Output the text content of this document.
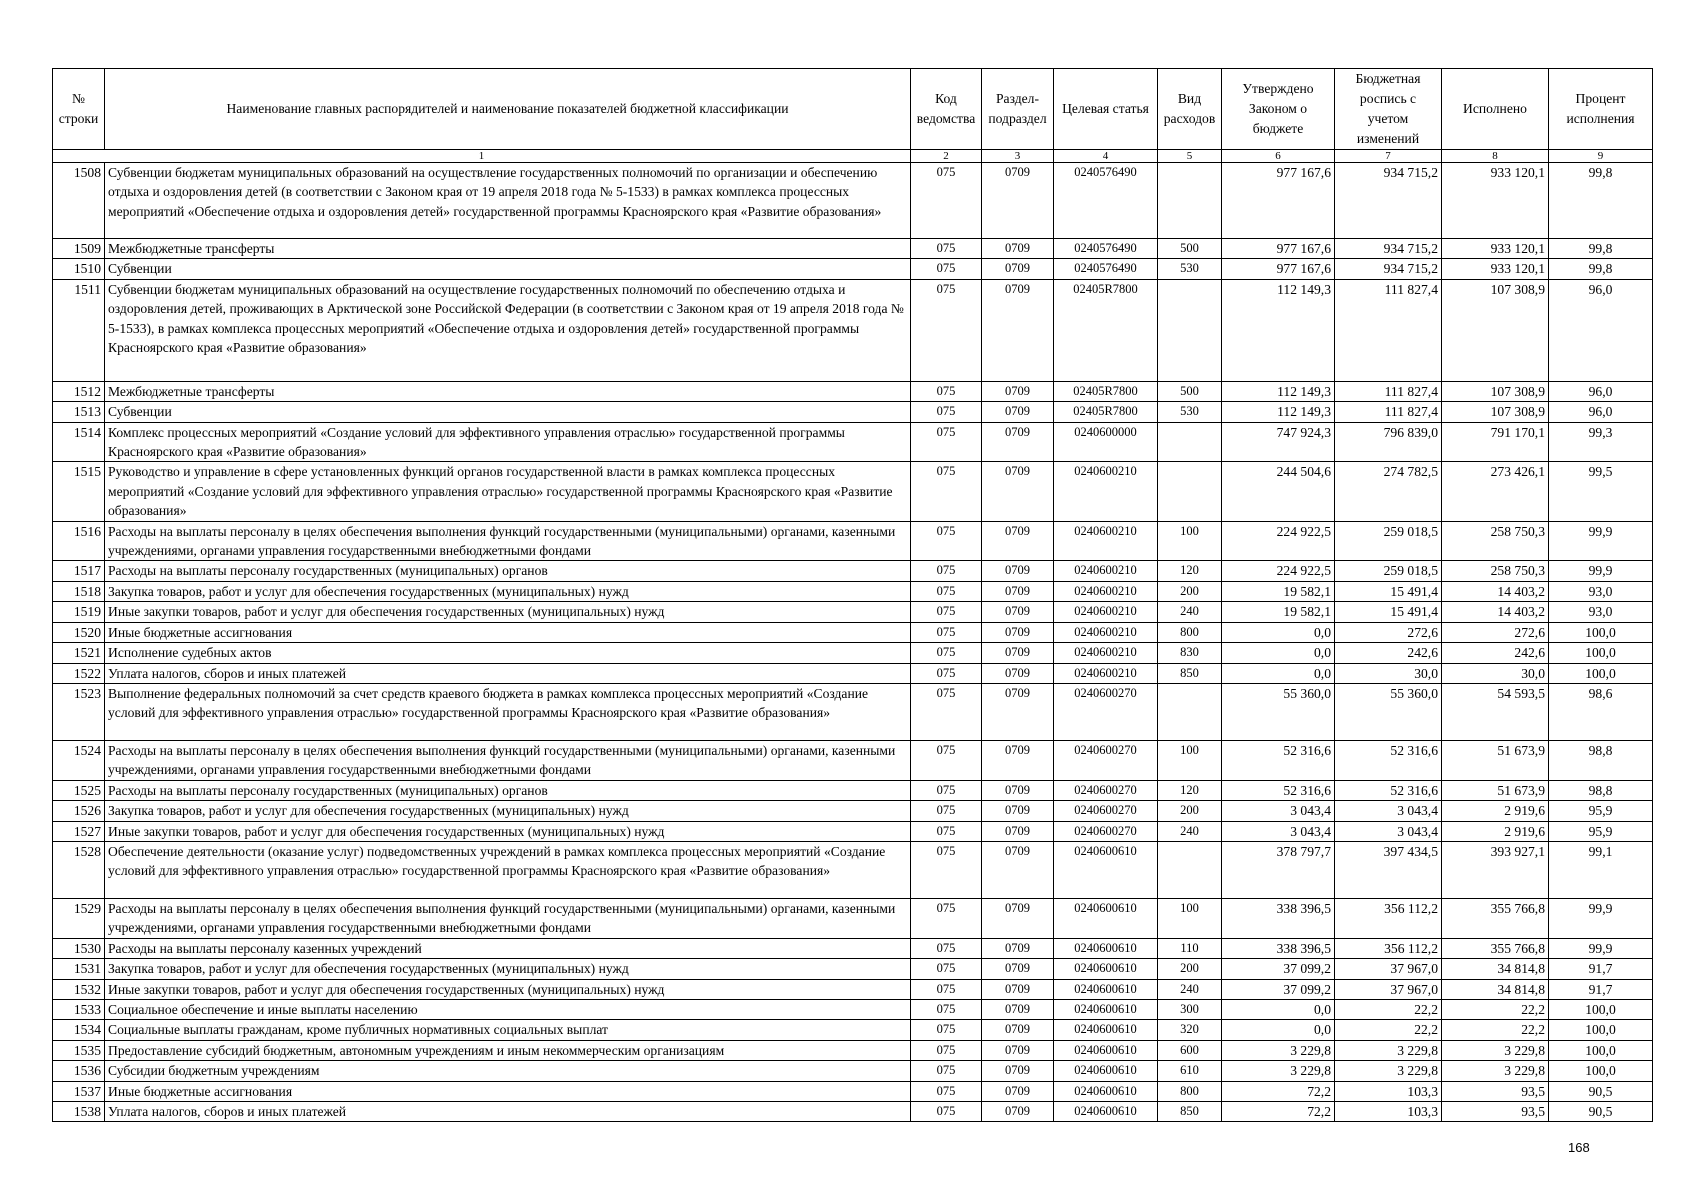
№ строки	Наименование главных распорядителей и наименование показателей бюджетной классификации	Код ведомства	Раздел-подраздел	Целевая статья	Вид расходов	Утверждено Законом о бюджете	Бюджетная роспись с учетом изменений	Исполнено	Процент исполнения
1		2	3	4	5	6	7	8	9
1508	Субвенции бюджетам муниципальных образований на осуществление государственных полномочий по организации и обеспечению отдыха и оздоровления детей (в соответствии с Законом края от 19 апреля 2018 года № 5-1533) в рамках комплекса процессных мероприятий «Обеспечение отдыха и оздоровления детей» государственной программы Красноярского края «Развитие образования»	075	0709	0240576490		977 167,6	934 715,2	933 120,1	99,8
1509	Межбюджетные трансферты	075	0709	0240576490	500	977 167,6	934 715,2	933 120,1	99,8
1510	Субвенции	075	0709	0240576490	530	977 167,6	934 715,2	933 120,1	99,8
1511	Субвенции бюджетам муниципальных образований на осуществление государственных полномочий по обеспечению отдыха и оздоровления детей, проживающих в Арктической зоне Российской Федерации (в соответствии с Законом края от 19 апреля 2018 года № 5-1533), в рамках комплекса процессных мероприятий «Обеспечение отдыха и оздоровления детей» государственной программы Красноярского края «Развитие образования»	075	0709	02405R7800		112 149,3	111 827,4	107 308,9	96,0
1512	Межбюджетные трансферты	075	0709	02405R7800	500	112 149,3	111 827,4	107 308,9	96,0
1513	Субвенции	075	0709	02405R7800	530	112 149,3	111 827,4	107 308,9	96,0
1514	Комплекс процессных мероприятий «Создание условий для эффективного управления отраслью» государственной программы Красноярского края «Развитие образования»	075	0709	0240600000		747 924,3	796 839,0	791 170,1	99,3
1515	Руководство и управление в сфере установленных функций органов государственной власти в рамках комплекса процессных мероприятий «Создание условий для эффективного управления отраслью» государственной программы Красноярского края «Развитие образования»	075	0709	0240600210		244 504,6	274 782,5	273 426,1	99,5
1516	Расходы на выплаты персоналу в целях обеспечения выполнения функций государственными (муниципальными) органами, казенными учреждениями, органами управления государственными внебюджетными фондами	075	0709	0240600210	100	224 922,5	259 018,5	258 750,3	99,9
1517	Расходы на выплаты персоналу государственных (муниципальных) органов	075	0709	0240600210	120	224 922,5	259 018,5	258 750,3	99,9
1518	Закупка товаров, работ и услуг для обеспечения государственных (муниципальных) нужд	075	0709	0240600210	200	19 582,1	15 491,4	14 403,2	93,0
1519	Иные закупки товаров, работ и услуг для обеспечения государственных (муниципальных) нужд	075	0709	0240600210	240	19 582,1	15 491,4	14 403,2	93,0
1520	Иные бюджетные ассигнования	075	0709	0240600210	800	0,0	272,6	272,6	100,0
1521	Исполнение судебных актов	075	0709	0240600210	830	0,0	242,6	242,6	100,0
1522	Уплата налогов, сборов и иных платежей	075	0709	0240600210	850	0,0	30,0	30,0	100,0
1523	Выполнение федеральных полномочий за счет средств краевого бюджета в рамках комплекса процессных мероприятий «Создание условий для эффективного управления отраслью» государственной программы Красноярского края «Развитие образования»	075	0709	0240600270		55 360,0	55 360,0	54 593,5	98,6
1524	Расходы на выплаты персоналу в целях обеспечения выполнения функций государственными (муниципальными) органами, казенными учреждениями, органами управления государственными внебюджетными фондами	075	0709	0240600270	100	52 316,6	52 316,6	51 673,9	98,8
1525	Расходы на выплаты персоналу государственных (муниципальных) органов	075	0709	0240600270	120	52 316,6	52 316,6	51 673,9	98,8
1526	Закупка товаров, работ и услуг для обеспечения государственных (муниципальных) нужд	075	0709	0240600270	200	3 043,4	3 043,4	2 919,6	95,9
1527	Иные закупки товаров, работ и услуг для обеспечения государственных (муниципальных) нужд	075	0709	0240600270	240	3 043,4	3 043,4	2 919,6	95,9
1528	Обеспечение деятельности (оказание услуг) подведомственных учреждений в рамках комплекса процессных мероприятий «Создание условий для эффективного управления отраслью» государственной программы Красноярского края «Развитие образования»	075	0709	0240600610		378 797,7	397 434,5	393 927,1	99,1
1529	Расходы на выплаты персоналу в целях обеспечения выполнения функций государственными (муниципальными) органами, казенными учреждениями, органами управления государственными внебюджетными фондами	075	0709	0240600610	100	338 396,5	356 112,2	355 766,8	99,9
1530	Расходы на выплаты персоналу казенных учреждений	075	0709	0240600610	110	338 396,5	356 112,2	355 766,8	99,9
1531	Закупка товаров, работ и услуг для обеспечения государственных (муниципальных) нужд	075	0709	0240600610	200	37 099,2	37 967,0	34 814,8	91,7
1532	Иные закупки товаров, работ и услуг для обеспечения государственных (муниципальных) нужд	075	0709	0240600610	240	37 099,2	37 967,0	34 814,8	91,7
1533	Социальное обеспечение и иные выплаты населению	075	0709	0240600610	300	0,0	22,2	22,2	100,0
1534	Социальные выплаты гражданам, кроме публичных нормативных социальных выплат	075	0709	0240600610	320	0,0	22,2	22,2	100,0
1535	Предоставление субсидий бюджетным, автономным учреждениям и иным некоммерческим организациям	075	0709	0240600610	600	3 229,8	3 229,8	3 229,8	100,0
1536	Субсидии бюджетным учреждениям	075	0709	0240600610	610	3 229,8	3 229,8	3 229,8	100,0
1537	Иные бюджетные ассигнования	075	0709	0240600610	800	72,2	103,3	93,5	90,5
1538	Уплата налогов, сборов и иных платежей	075	0709	0240600610	850	72,2	103,3	93,5	90,5
168
